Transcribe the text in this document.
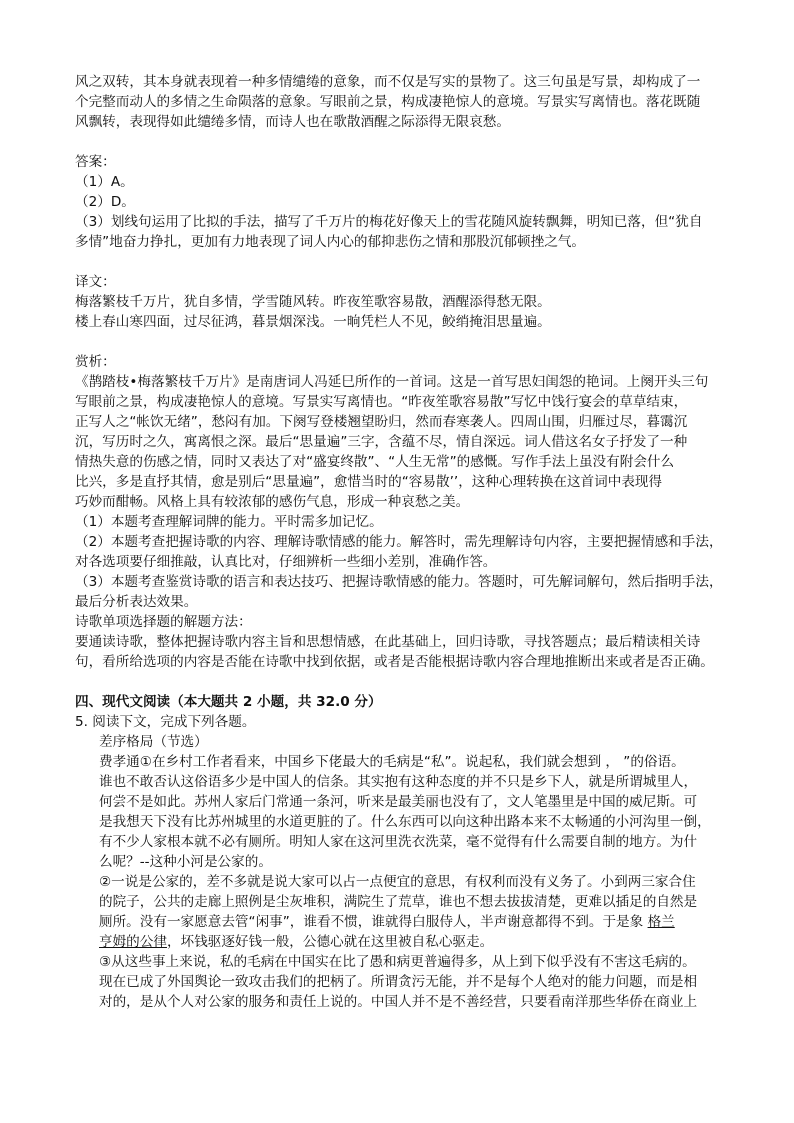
风之双转，其本身就表现着一种多情缱绻的意象，而不仅是写实的景物了。这三句虽是写景，却构成了一

个完整而动人的多情之生命陨落的意象。写眼前之景，构成凄艳惊人的意境。写景实写离情也。落花既随

风飘转，表现得如此缱绻多情，而诗人也在歌散酒醒之际添得无限哀愁。

答案：

（1）A。

（2）D。

（3）划线句运用了比拟的手法，描写了千万片的梅花好像天上的雪花随风旋转飘舞，明知已落，但“犹自

多情”地奋力挣扎，更加有力地表现了词人内心的郁抑悲伤之情和那股沉郁顿挫之气。

译文：

梅落繁枝千万片，犹自多情，学雪随风转。昨夜笙歌容易散，酒醒添得愁无限。

楼上春山寒四面，过尽征鸿，暮景烟深浅。一晌凭栏人不见，鲛绡掩泪思量遍。

赏析：

《鹊踏枝•梅落繁枝千万片》是南唐词人冯延巳所作的一首词。这是一首写思妇闺怨的艳词。上阕开头三句

写眼前之景，构成凄艳惊人的意境。写景实写离情也。“昨夜笙歌容易散”写忆中饯行宴会的草草结束，

正写人之“帐饮无绪”，愁闷有加。下阕写登楼翘望盼归，然而春寒袭人。四周山围，归雁过尽，暮霭沉

沉，写历时之久，寓离恨之深。最后“思量遍”三字，含蕴不尽，情自深远。词人借这名女子抒发了一种

情热失意的伤感之情，同时又表达了对“盛宴终散”、“人生无常”的感慨。写作手法上虽没有附会什么

比兴，多是直抒其情，愈是别后“思量遍”，愈惜当时的“容易散’’，这种心理转换在这首词中表现得

巧妙而酣畅。风格上具有较浓郁的感伤气息，形成一种哀愁之美。

（1）本题考查理解词牌的能力。平时需多加记忆。

（2）本题考查把握诗歌的内容、理解诗歌情感的能力。解答时，需先理解诗句内容，主要把握情感和手法，

对各选项要仔细推敲，认真比对，仔细辨析一些细小差别，准确作答。

（3）本题考查鉴赏诗歌的语言和表达技巧、把握诗歌情感的能力。答题时，可先解词解句，然后指明手法，

最后分析表达效果。

诗歌单项选择题的解题方法：

要通读诗歌，整体把握诗歌内容主旨和思想情感，在此基础上，回归诗歌，寻找答题点；最后精读相关诗

句，看所给选项的内容是否能在诗歌中找到依据，或者是否能根据诗歌内容合理地推断出来或者是否正确。

四、现代文阅读（本大题共 2 小题，共 32.0 分）

5. 阅读下文，完成下列各题。

差序格局（节选）

费孝通①在乡村工作者看来，中国乡下佬最大的毛病是“私”。说起私，我们就会想到 ， ”的俗语。

谁也不敢否认这俗语多少是中国人的信条。其实抱有这种态度的并不只是乡下人，就是所谓城里人，

何尝不是如此。苏州人家后门常通一条河，听来是最美丽也没有了，文人笔墨里是中国的威尼斯。可

是我想天下没有比苏州城里的水道更脏的了。什么东西可以向这种出路本来不太畅通的小河沟里一倒，

有不少人家根本就不必有厕所。明知人家在这河里洗衣洗菜，毫不觉得有什么需要自制的地方。为什

么呢？--这种小河是公家的。

②一说是公家的，差不多就是说大家可以占一点便宜的意思，有权利而没有义务了。小到两三家合住

的院子，公共的走廊上照例是尘灰堆积，满院生了荒草，谁也不想去拔拔清楚，更难以插足的自然是

厕所。没有一家愿意去管“闲事”，谁看不惯，谁就得白服侍人，半声谢意都得不到。于是象 格兰

亨姆的公律，坏钱驱逐好钱一般，公德心就在这里被自私心驱走。

③从这些事上来说，私的毛病在中国实在比了愚和病更普遍得多，从上到下似乎没有不害这毛病的。

现在已成了外国舆论一致攻击我们的把柄了。所谓贪污无能，并不是每个人绝对的能力问题，而是相

对的，是从个人对公家的服务和责任上说的。中国人并不是不善经营，只要看南洋那些华侨在商业上
